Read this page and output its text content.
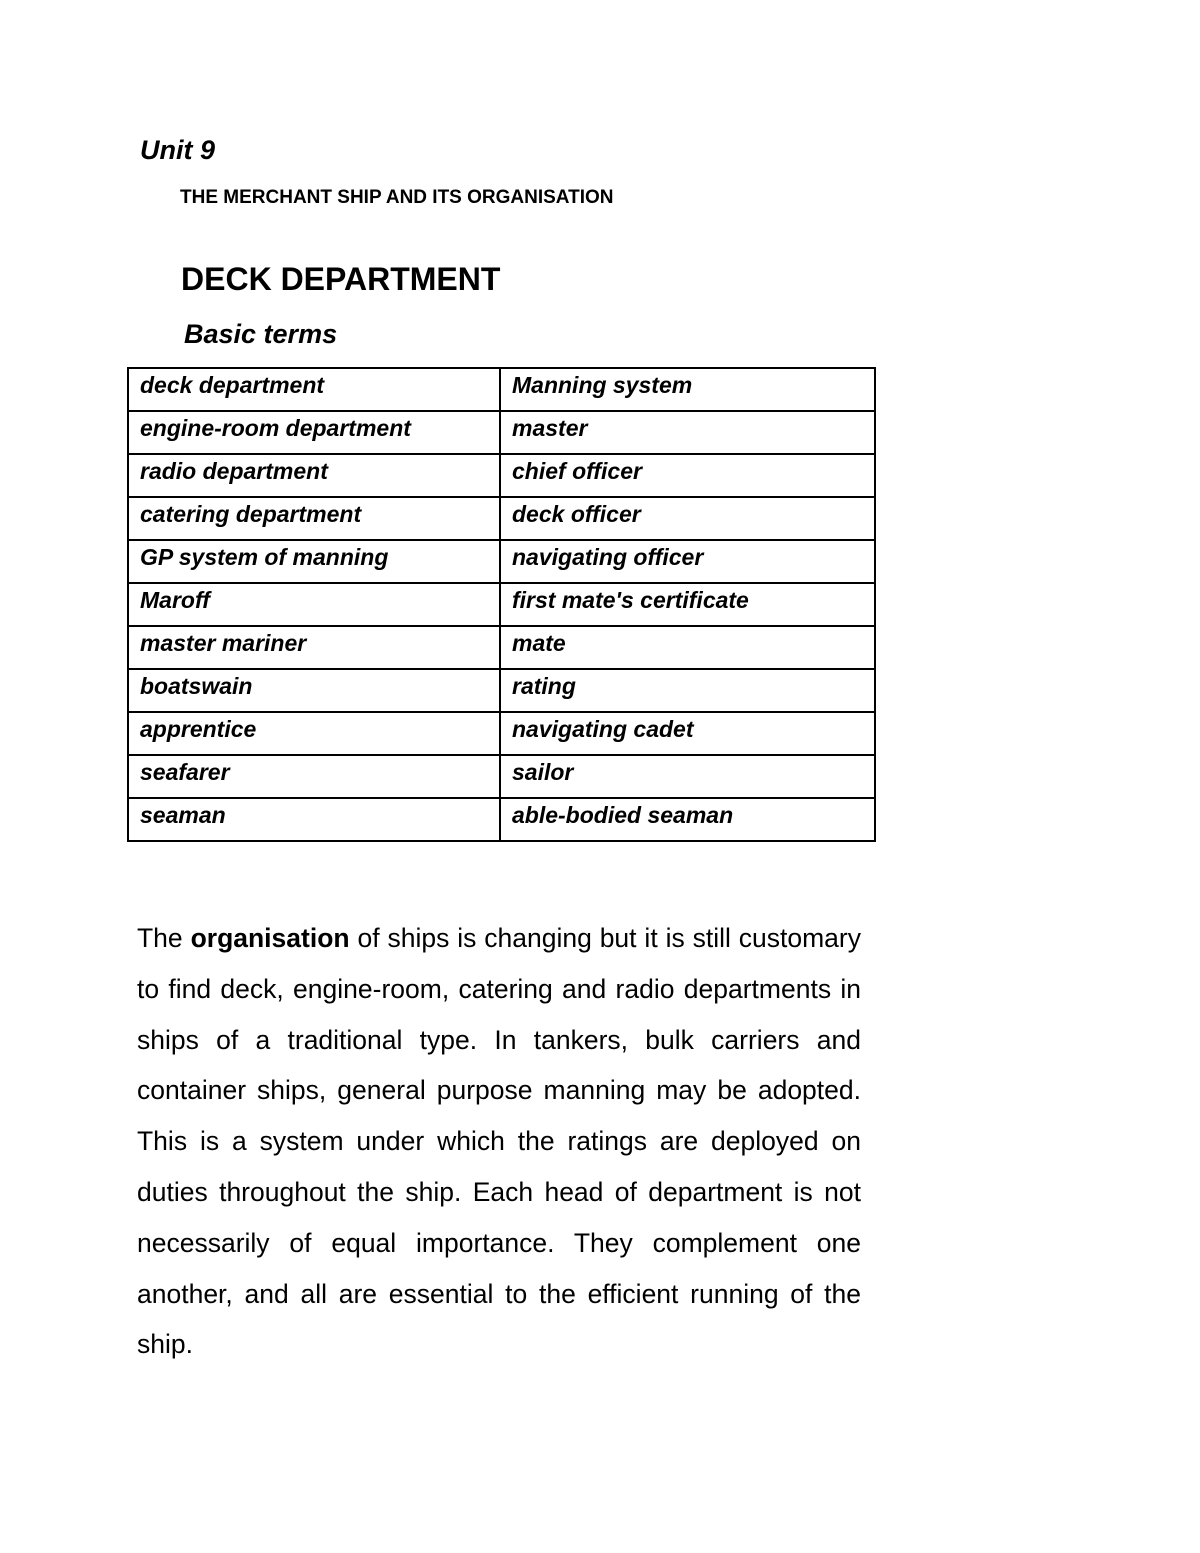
Unit 9
THE MERCHANT SHIP AND ITS ORGANISATION
DECK DEPARTMENT
Basic terms
deck department	Manning system
engine-room department	master
radio department	chief officer
catering department	deck officer
GP system of manning	navigating officer
Maroff	first mate's certificate
master mariner	mate
boatswain	rating
apprentice	navigating cadet
seafarer	sailor
seaman	able-bodied seaman

The organisation of ships is changing but it is still customary to find deck, engine-room, catering and radio departments in ships of a traditional type. In tankers, bulk carriers and container ships, general purpose manning may be adopted. This is a system under which the ratings are deployed on duties throughout the ship. Each head of department is not necessarily of equal importance. They complement one another, and all are essential to the efficient running of the ship.
